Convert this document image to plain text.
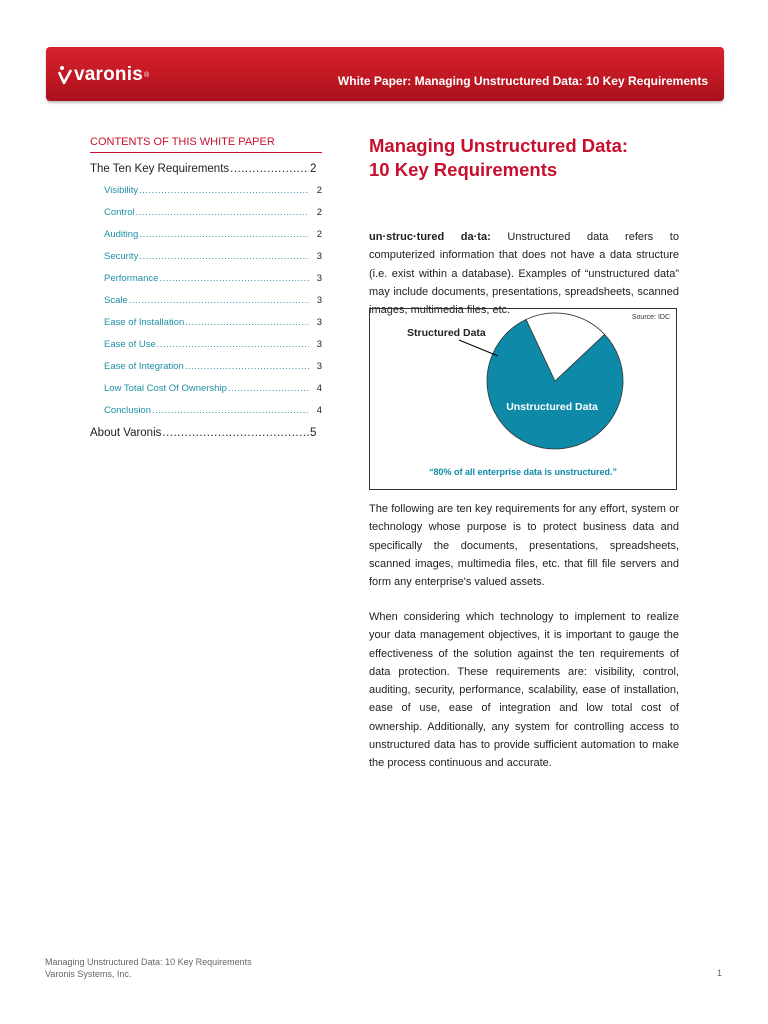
varonis ®	White Paper: Managing Unstructured Data: 10 Key Requirements
CONTENTS OF THIS WHITE PAPER
The Ten Key Requirements .....	2
Visibility .....	2
Control .....	2
Auditing .....	2
Security .....	3
Performance .....	3
Scale .....	3
Ease of Installation .....	3
Ease of Use .....	3
Ease of Integration .....	3
Low Total Cost Of Ownership .....	4
Conclusion .....	4
About Varonis .....	5
Managing Unstructured Data:
10 Key Requirements

un·struc·tured da·ta: Unstructured data refers to computerized information that does not have a data structure (i.e. exist within a database). Examples of “unstructured data” may include documents, presentations, spreadsheets, scanned images, multimedia files, etc.

Source: IDC
Structured Data
Unstructured Data
“80% of all enterprise data is unstructured.”

The following are ten key requirements for any effort, system or technology whose purpose is to protect business data and specifically the documents, presentations, spreadsheets, scanned images, multimedia files, etc. that fill file servers and form any enterprise's valued assets.

When considering which technology to implement to realize your data management objectives, it is important to gauge the effectiveness of the solution against the ten requirements of data protection. These requirements are: visibility, control, auditing, security, performance, scalability, ease of installation, ease of use, ease of integration and low total cost of ownership. Additionally, any system for controlling access to unstructured data has to provide sufficient automation to make the process continuous and accurate.

Managing Unstructured Data: 10 Key Requirements
Varonis Systems, Inc.	1
